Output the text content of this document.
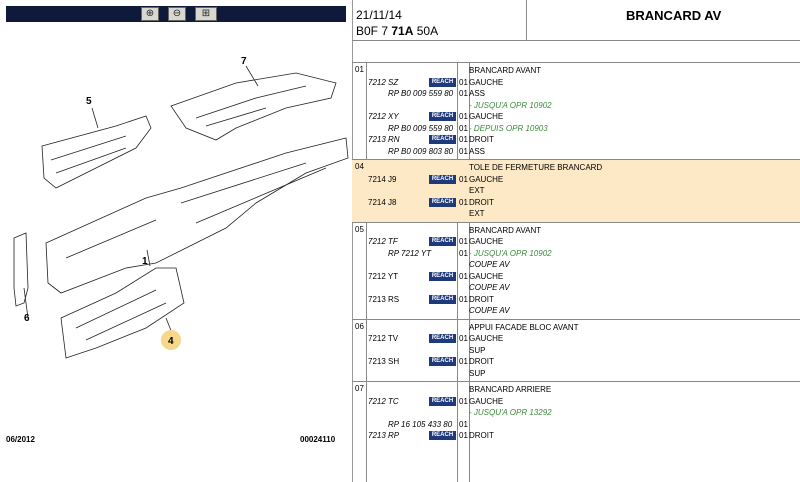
⊕	⊖	⊞
7
5
1
6
4
06/2012	00024110
21/11/14
B0F 7 71A 50A
BRANCARD AV
01	BRANCARD AVANT
7212 SZ	REACH 01 GAUCHE
RP B0 009 559 80 01 ASS
- JUSQU'A OPR 10902
7212 XY	REACH 01 GAUCHE
RP B0 009 559 80 01 - DEPUIS OPR 10903
7213 RN	REACH 01 DROIT
RP B0 009 803 80 01 ASS
04	TOLE DE FERMETURE BRANCARD
7214 J9	REACH 01 GAUCHE
EXT
7214 J8	REACH 01 DROIT
EXT
05	BRANCARD AVANT
7212 TF	REACH 01 GAUCHE
RP 7212 YT	01 - JUSQU'A OPR 10902
COUPE AV
7212 YT	REACH 01 GAUCHE
COUPE AV
7213 RS	REACH 01 DROIT
COUPE AV
06	APPUI FACADE BLOC AVANT
7212 TV	REACH 01 GAUCHE
SUP
7213 SH	REACH 01 DROIT
SUP
07	BRANCARD ARRIERE
7212 TC	REACH 01 GAUCHE
- JUSQU'A OPR 13292
RP 16 105 433 80 01
7213 RP	REACH 01 DROIT
